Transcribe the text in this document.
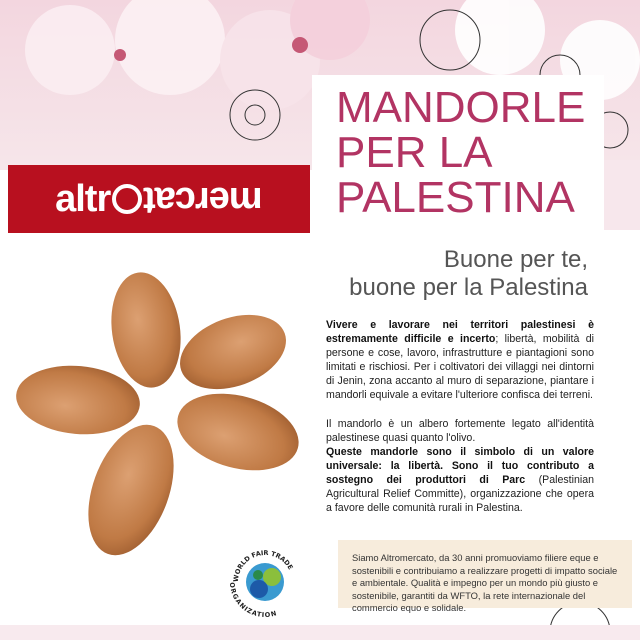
altr mercat
MANDORLE
PER LA
PALESTINA
Buone per te,
buone per la Palestina

Vivere e lavorare nei territori palestinesi è estremamente difficile e incerto; libertà, mobilità di persone e cose, lavoro, infrastrutture e piantagioni sono limitati e rischiosi. Per i coltivatori dei villaggi nei dintorni di Jenin, zona accanto al muro di separazione, piantare i mandorli equivale a evitare l'ulteriore confisca dei terreni.

Il mandorlo è un albero fortemente legato all'identità palestinese quasi quanto l'olivo.
Queste mandorle sono il simbolo di un valore universale: la libertà. Sono il tuo contributo a sostegno dei produttori di Parc (Palestinian Agricultural Relief Committe), organizzazione che opera a favore delle comunità rurali in Palestina.

WORLD FAIR TRADE
ORGANIZATION
Siamo Altromercato, da 30 anni promuoviamo filiere eque e sostenibili e contribuiamo a realizzare progetti di impatto sociale e ambientale. Qualità e impegno per un mondo più giusto e sostenibile, garantiti da WFTO, la rete internazionale del commercio equo e solidale.
